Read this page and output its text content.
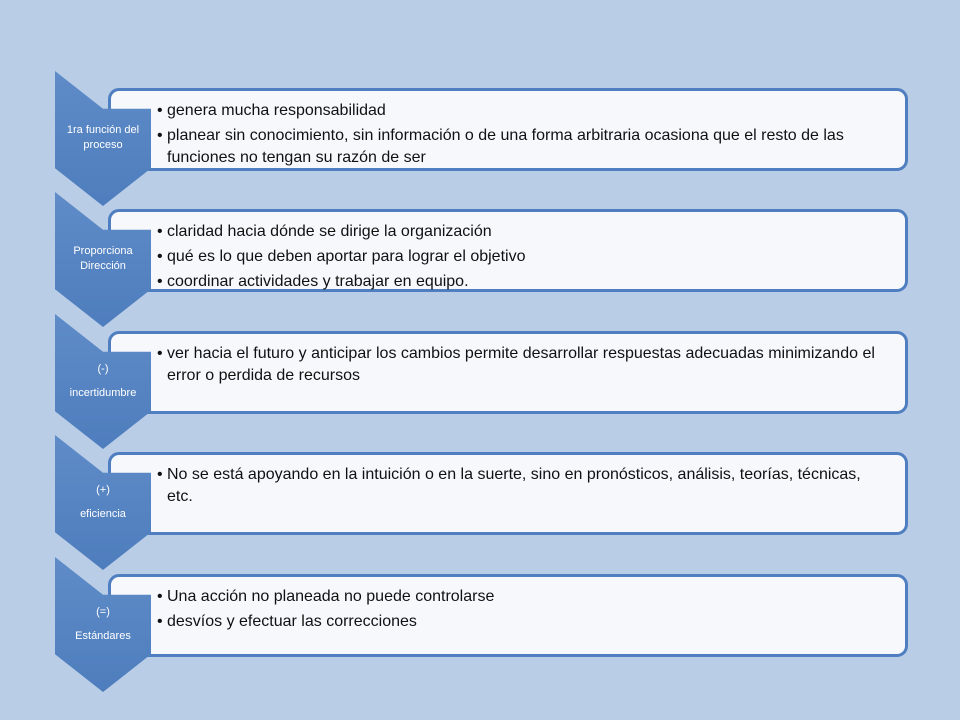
• genera mucha responsabilidad
• planear sin conocimiento, sin información o de una forma arbitraria ocasiona que el resto de las funciones no tengan su razón de ser
1ra función del
proceso
• claridad hacia dónde se dirige la organización
• qué es lo que deben aportar para lograr el objetivo
• coordinar actividades y trabajar en equipo.
Proporciona
Dirección
• ver hacia el futuro y anticipar los cambios permite desarrollar respuestas adecuadas minimizando el error o perdida de recursos
(-)
incertidumbre
• No se está apoyando en la intuición o en la suerte, sino en pronósticos, análisis, teorías, técnicas, etc.
(+)
eficiencia
• Una acción no planeada no puede controlarse
• desvíos y efectuar las correcciones
(=)
Estándares
